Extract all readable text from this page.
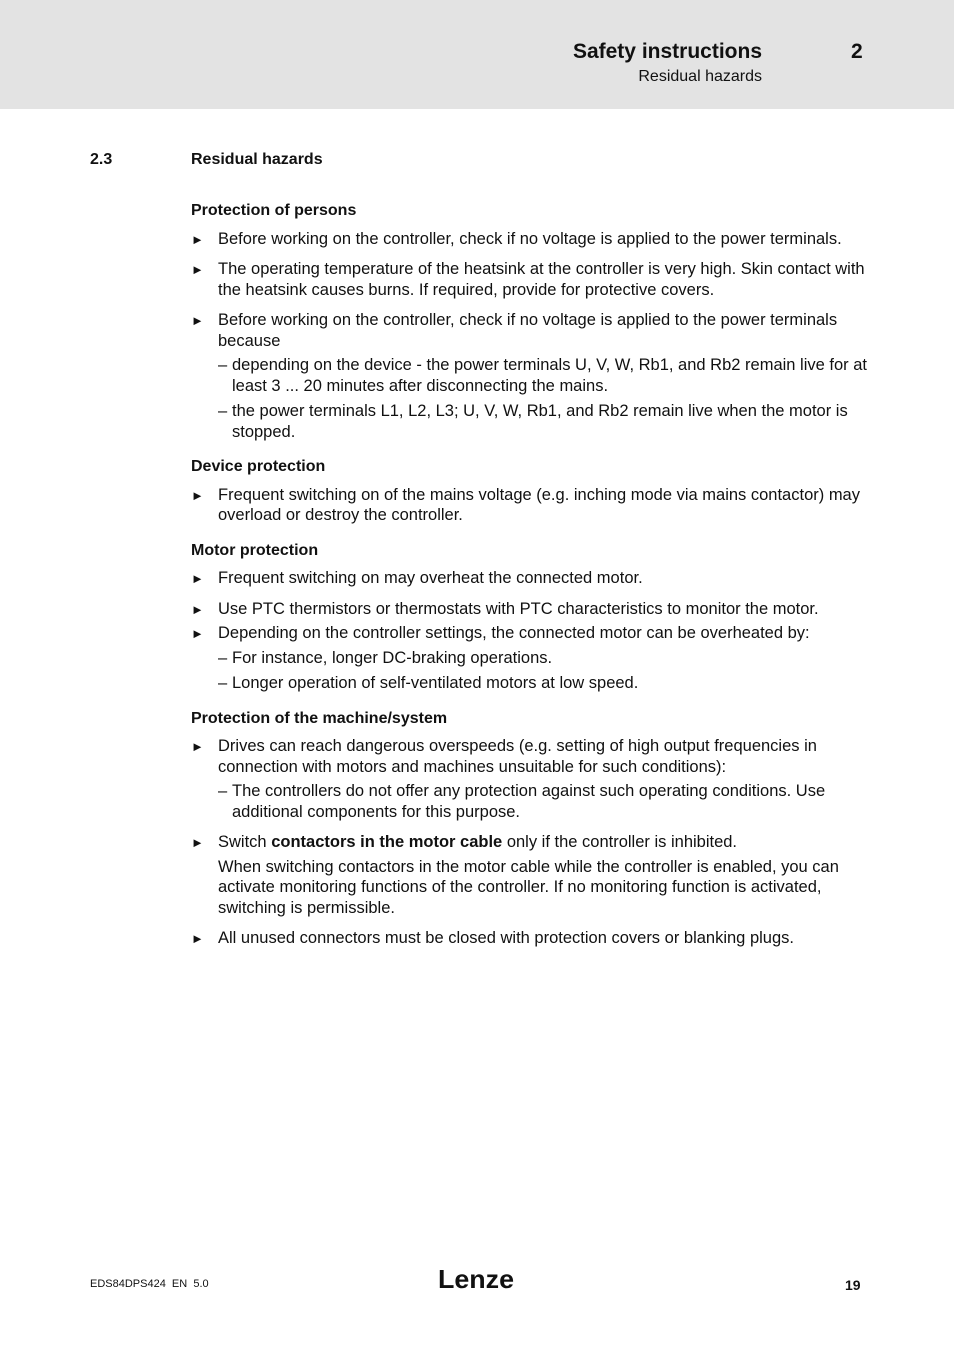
Safety instructions	2
Residual hazards
2.3	Residual hazards
Protection of persons
► Before working on the controller, check if no voltage is applied to the power terminals.
► The operating temperature of the heatsink at the controller is very high. Skin contact with the heatsink causes burns. If required, provide for protective covers.
► Before working on the controller, check if no voltage is applied to the power terminals because
– depending on the device - the power terminals U, V, W, Rb1, and Rb2 remain live for at least 3 ... 20 minutes after disconnecting the mains.
– the power terminals L1, L2, L3; U, V, W, Rb1, and Rb2 remain live when the motor is stopped.
Device protection
► Frequent switching on of the mains voltage (e.g. inching mode via mains contactor) may overload or destroy the controller.
Motor protection
► Frequent switching on may overheat the connected motor.
► Use PTC thermistors or thermostats with PTC characteristics to monitor the motor.
► Depending on the controller settings, the connected motor can be overheated by:
– For instance, longer DC-braking operations.
– Longer operation of self-ventilated motors at low speed.
Protection of the machine/system
► Drives can reach dangerous overspeeds (e.g. setting of high output frequencies in connection with motors and machines unsuitable for such conditions):
– The controllers do not offer any protection against such operating conditions. Use additional components for this purpose.
► Switch contactors in the motor cable only if the controller is inhibited.
When switching contactors in the motor cable while the controller is enabled, you can activate monitoring functions of the controller. If no monitoring function is activated, switching is permissible.
► All unused connectors must be closed with protection covers or blanking plugs.
EDS84DPS424  EN  5.0	Lenze	19
